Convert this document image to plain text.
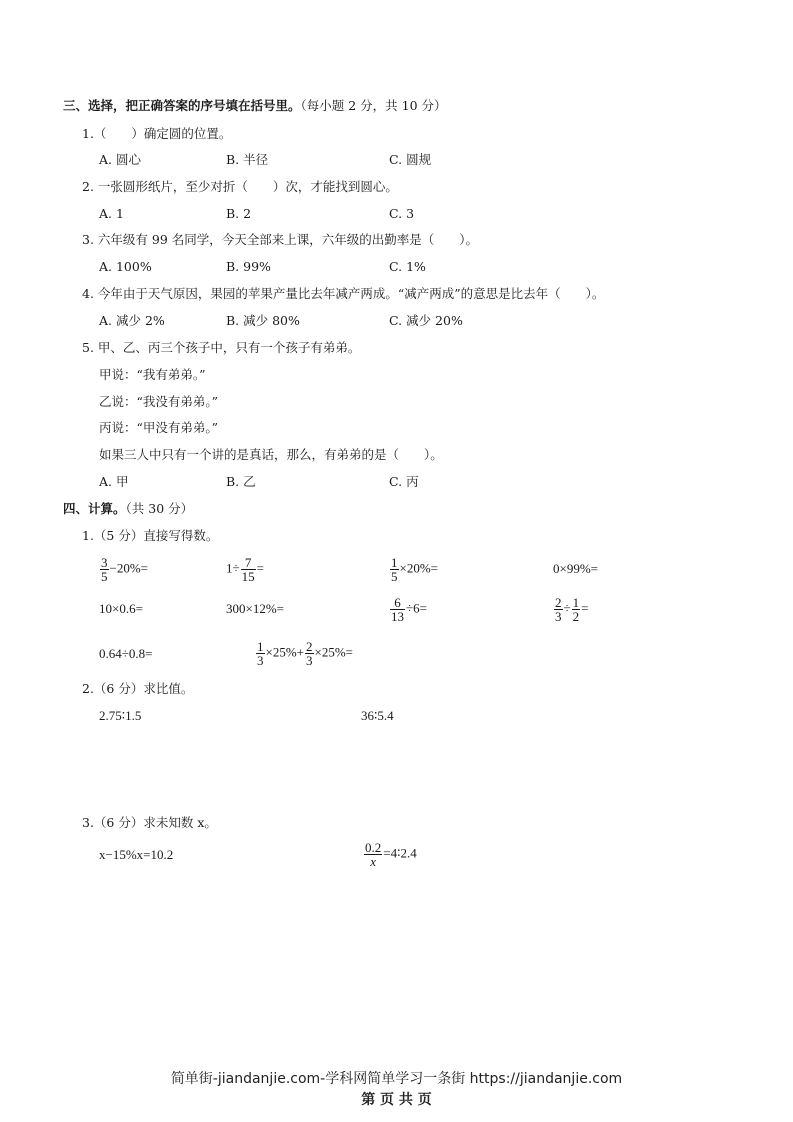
三、选择，把正确答案的序号填在括号里。（每小题 2 分，共 10 分）
1.（　　）确定圆的位置。
A. 圆心	B. 半径	C. 圆规
2. 一张圆形纸片，至少对折（　　）次，才能找到圆心。
A. 1	B. 2	C. 3
3. 六年级有 99 名同学，今天全部来上课，六年级的出勤率是（　　）。
A. 100%	B. 99%	C. 1%
4. 今年由于天气原因，果园的苹果产量比去年减产两成。“减产两成”的意思是比去年（　　）。
A. 减少 2%	B. 减少 80%	C. 减少 20%
5. 甲、乙、丙三个孩子中，只有一个孩子有弟弟。
甲说：“我有弟弟。”
乙说：“我没有弟弟。”
丙说：“甲没有弟弟。”
如果三人中只有一个讲的是真话，那么，有弟弟的是（　　）。
A. 甲	B. 乙	C. 丙
四、计算。（共 30 分）
1.（5 分）直接写得数。
$\frac{3}{5} -20\%=$	$1\div \frac{7}{15}$ =	$\frac{1}{5} \times 20\%=$	0×99%=
10×0.6=	300×12%=	$\frac{6}{13} \div 6=$	$\frac{2}{3} \div \frac{1}{2}$ =
0.64÷0.8=	$\frac{1}{3} \times 25\%+ \frac{2}{3} \times 25\%=$
2.（6 分）求比值。
2.75∶1.5	36∶5.4
3.（6 分）求未知数 x。
x−15%x=10.2	$\frac{0.2}{x}$ =4∶2.4
简单街-jiandanjie.com-学科网简单学习一条街 https://jiandanjie.com
第 页 共 页
